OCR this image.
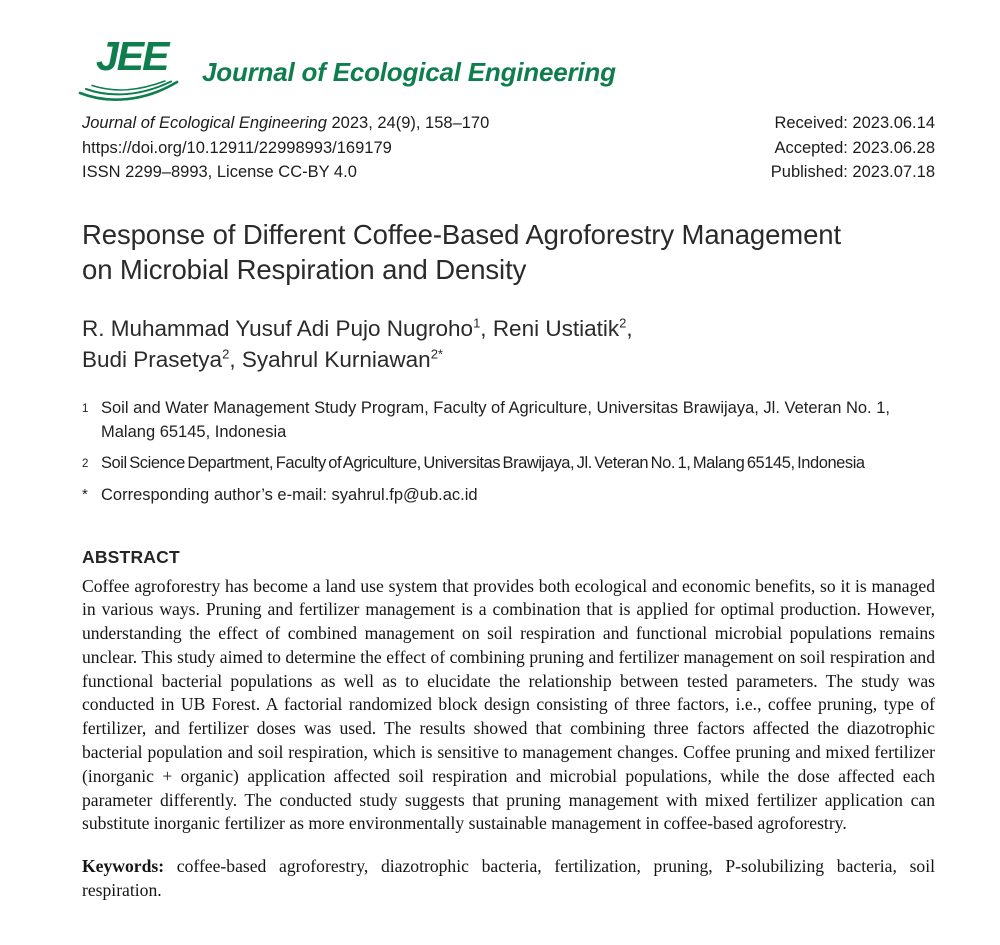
JEE Journal of Ecological Engineering
Journal of Ecological Engineering 2023, 24(9), 158–170
https://doi.org/10.12911/22998993/169179
ISSN 2299–8993, License CC-BY 4.0
Received: 2023.06.14
Accepted: 2023.06.28
Published: 2023.07.18
Response of Different Coffee-Based Agroforestry Management
on Microbial Respiration and Density
R. Muhammad Yusuf Adi Pujo Nugroho$^1$, Reni Ustiatik$^2$,
Budi Prasetya$^2$, Syahrul Kurniawan$^{2*}$
1 Soil and Water Management Study Program, Faculty of Agriculture, Universitas Brawijaya, Jl. Veteran No. 1, Malang 65145, Indonesia
2 Soil Science Department, Faculty of Agriculture, Universitas Brawijaya, Jl. Veteran No. 1, Malang 65145, Indonesia
* Corresponding author’s e-mail: syahrul.fp@ub.ac.id
ABSTRACT
Coffee agroforestry has become a land use system that provides both ecological and economic benefits, so it is managed in various ways. Pruning and fertilizer management is a combination that is applied for optimal production. However, understanding the effect of combined management on soil respiration and functional microbial populations remains unclear. This study aimed to determine the effect of combining pruning and fertilizer management on soil respiration and functional bacterial populations as well as to elucidate the relationship between tested parameters. The study was conducted in UB Forest. A factorial randomized block design consisting of three factors, i.e., coffee pruning, type of fertilizer, and fertilizer doses was used. The results showed that combining three factors affected the diazotrophic bacterial population and soil respiration, which is sensitive to management changes. Coffee pruning and mixed fertilizer (inorganic + organic) application affected soil respiration and microbial populations, while the dose affected each parameter differently. The conducted study suggests that pruning management with mixed fertilizer application can substitute inorganic fertilizer as more environmentally sustainable management in coffee-based agroforestry.
Keywords: coffee-based agroforestry, diazotrophic bacteria, fertilization, pruning, P-solubilizing bacteria, soil respiration.
